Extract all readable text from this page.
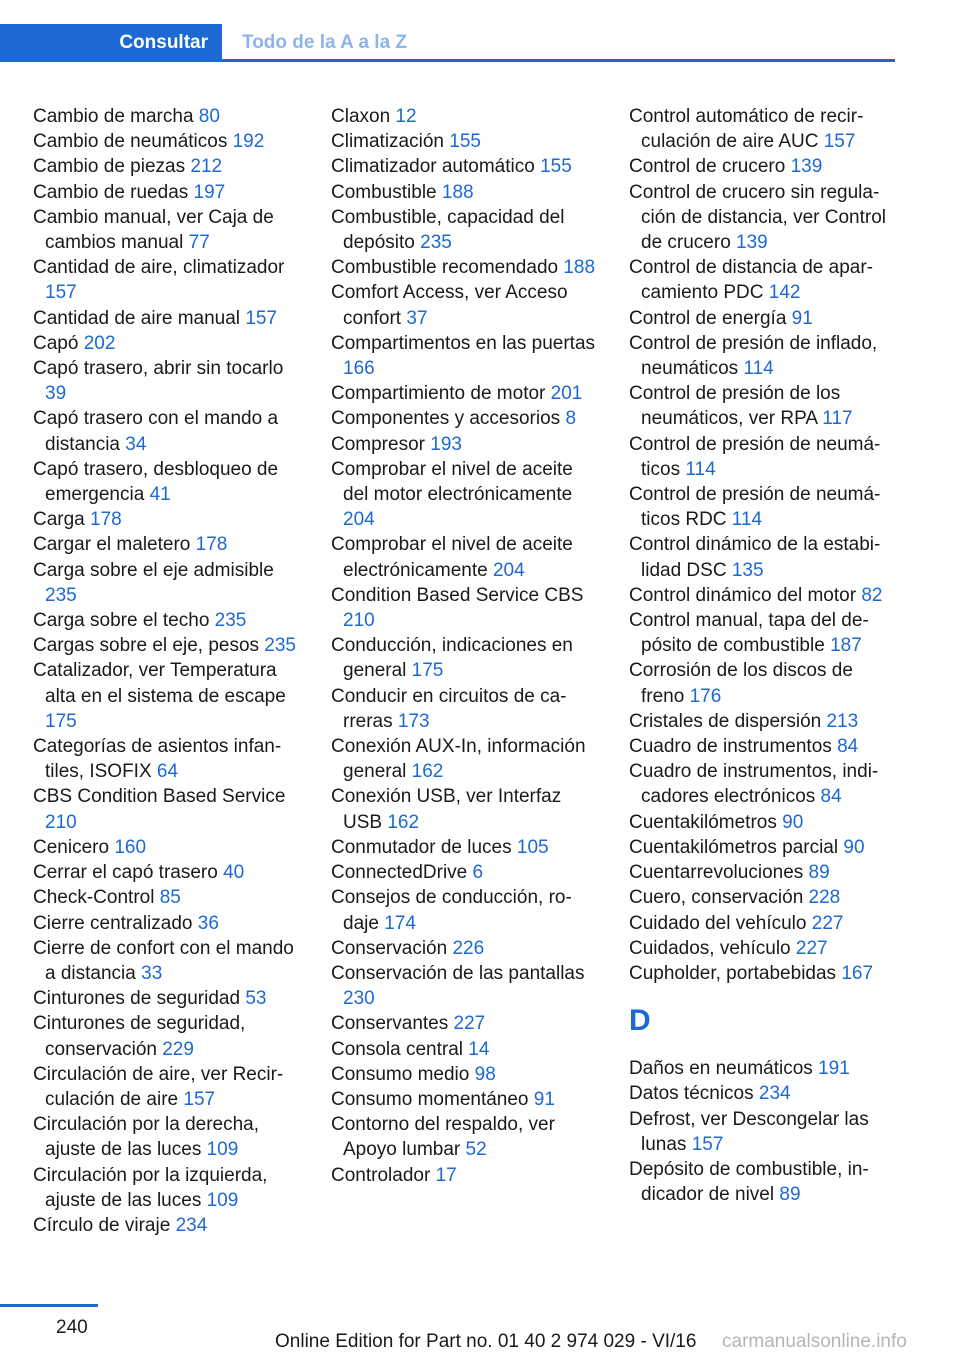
Consultar Todo de la A a la Z
Cambio de marcha 80
Cambio de neumáticos 192
Cambio de piezas 212
Cambio de ruedas 197
Cambio manual, ver Caja de cambios manual 77
Cantidad de aire, climatizador 157
Cantidad de aire manual 157
Capó 202
Capó trasero, abrir sin tocarlo 39
Capó trasero con el mando a distancia 34
Capó trasero, desbloqueo de emergencia 41
Carga 178
Cargar el maletero 178
Carga sobre el eje admisible 235
Carga sobre el techo 235
Cargas sobre el eje, pesos 235
Catalizador, ver Temperatura alta en el sistema de escape 175
Categorías de asientos infantiles, ISOFIX 64
CBS Condition Based Service 210
Cenicero 160
Cerrar el capó trasero 40
Check-Control 85
Cierre centralizado 36
Cierre de confort con el mando a distancia 33
Cinturones de seguridad 53
Cinturones de seguridad, conservación 229
Circulación de aire, ver Recirculación de aire 157
Circulación por la derecha, ajuste de las luces 109
Circulación por la izquierda, ajuste de las luces 109
Círculo de viraje 234
Claxon 12
Climatización 155
Climatizador automático 155
Combustible 188
Combustible, capacidad del depósito 235
Combustible recomendado 188
Comfort Access, ver Acceso confort 37
Compartimentos en las puertas 166
Compartimiento de motor 201
Componentes y accesorios 8
Compresor 193
Comprobar el nivel de aceite del motor electrónicamente 204
Comprobar el nivel de aceite electrónicamente 204
Condition Based Service CBS 210
Conducción, indicaciones en general 175
Conducir en circuitos de carreras 173
Conexión AUX-In, información general 162
Conexión USB, ver Interfaz USB 162
Conmutador de luces 105
ConnectedDrive 6
Consejos de conducción, rodaje 174
Conservación 226
Conservación de las pantallas 230
Conservantes 227
Consola central 14
Consumo medio 98
Consumo momentáneo 91
Contorno del respaldo, ver Apoyo lumbar 52
Controlador 17
Control automático de recirculación de aire AUC 157
Control de crucero 139
Control de crucero sin regulación de distancia, ver Control de crucero 139
Control de distancia de aparcamiento PDC 142
Control de energía 91
Control de presión de inflado, neumáticos 114
Control de presión de los neumáticos, ver RPA 117
Control de presión de neumáticos 114
Control de presión de neumáticos RDC 114
Control dinámico de la estabilidad DSC 135
Control dinámico del motor 82
Control manual, tapa del depósito de combustible 187
Corrosión de los discos de freno 176
Cristales de dispersión 213
Cuadro de instrumentos 84
Cuadro de instrumentos, indicadores electrónicos 84
Cuentakilómetros 90
Cuentakilómetros parcial 90
Cuentarrevoluciones 89
Cuero, conservación 228
Cuidado del vehículo 227
Cuidados, vehículo 227
Cupholder, portabebidas 167
D
Daños en neumáticos 191
Datos técnicos 234
Defrost, ver Descongelar las lunas 157
Depósito de combustible, indicador de nivel 89
240
Online Edition for Part no. 01 40 2 974 029 - VI/16 carmanualsonline.info
